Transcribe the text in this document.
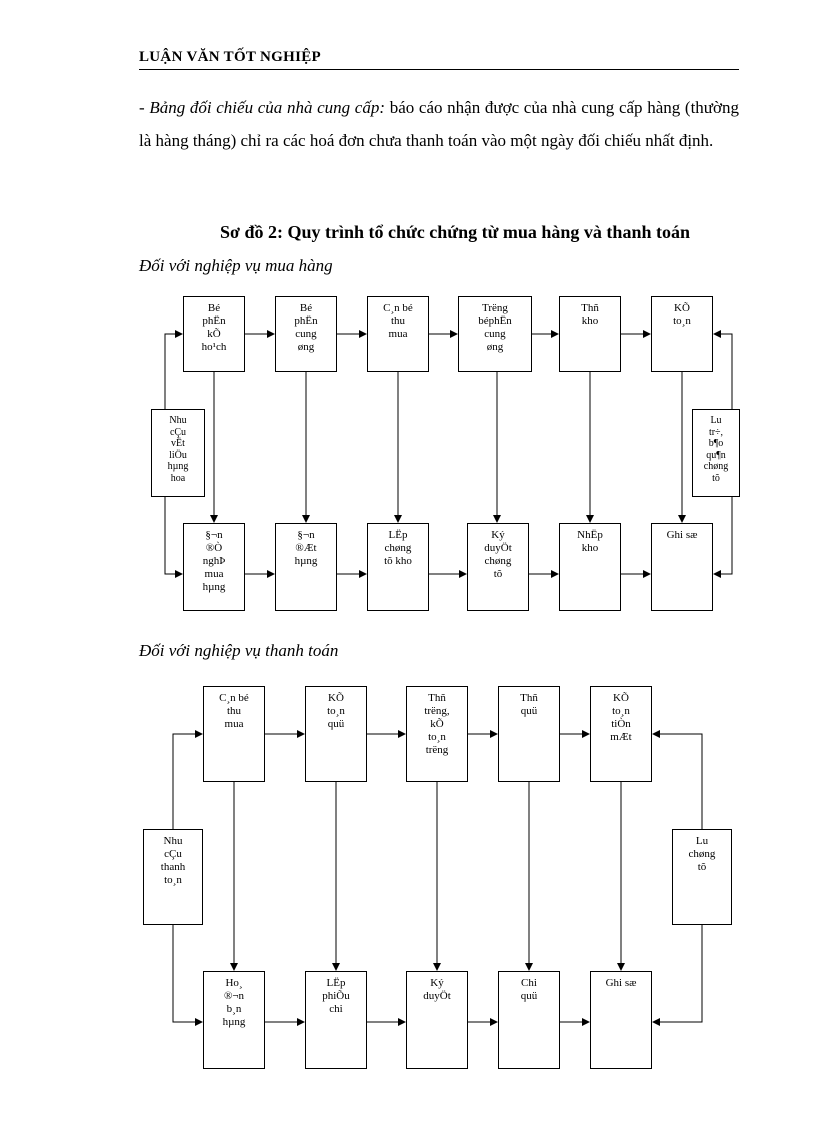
LUẬN VĂN TỐT NGHIỆP
- Bảng đối chiếu của nhà cung cấp: báo cáo nhận được của nhà cung cấp hàng (thường là hàng tháng) chỉ ra các hoá đơn chưa thanh toán vào một ngày đối chiếu nhất định.
Sơ đồ 2: Quy trình tổ chức chứng từ mua hàng và thanh toán
Đối với nghiệp vụ mua hàng
Đối với nghiệp vụ thanh toán
Bé
phËn
kÕ
ho¹ch
Bé
phËn
cung
øng
C¸n bé
thu
mua
Trëng
béphËn
cung
øng
Thñ
kho
KÕ
to¸n
§¬n
®Ò
nghÞ
mua
hµng
§¬n
®Æt
hµng
LËp
chøng
tõ kho
Ký
duyÖt
chøng
tõ
NhËp
kho
Ghi sæ
Nhu
cÇu
vËt
liÖu
hµng
hoa
Lu
tr÷,
b¶o
qu¶n
chøng
tõ
C¸n bé
thu
mua
KÕ
to¸n
quü
Thñ
trëng,
kÕ
to¸n
trëng
Thñ
quü
KÕ
to¸n
tiÒn
mÆt
Ho¸
®¬n
b¸n
hµng
LËp
phiÕu
chi
Ký
duyÖt
Chi
quü
Ghi sæ
Nhu
cÇu
thanh
to¸n
Lu
chøng
tõ
